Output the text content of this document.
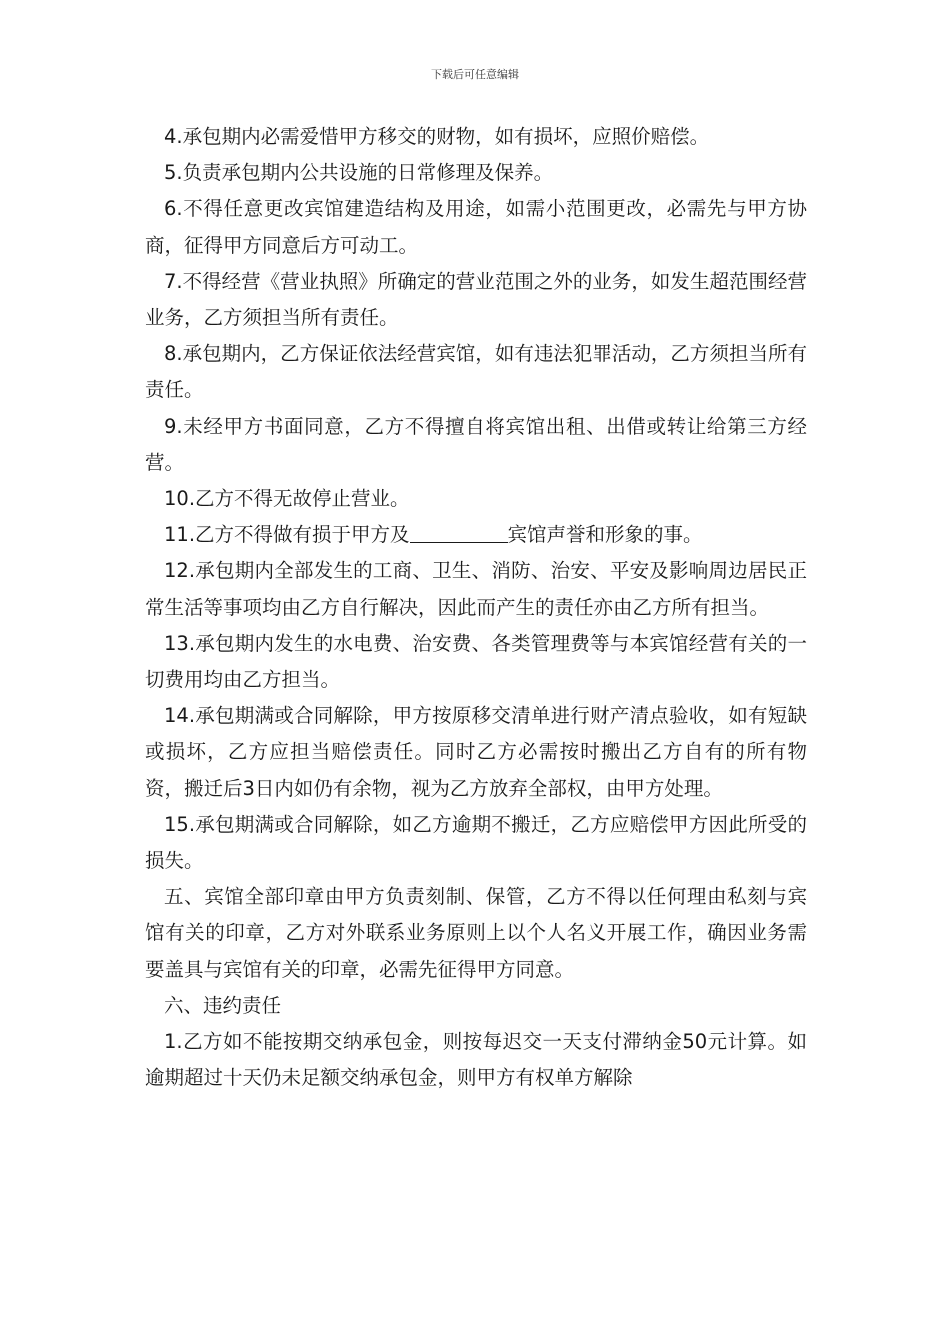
下载后可任意编辑

4.承包期内必需爱惜甲方移交的财物，如有损坏，应照价赔偿。

5.负责承包期内公共设施的日常修理及保养。

6.不得任意更改宾馆建造结构及用途，如需小范围更改，必需先与甲方协商，征得甲方同意后方可动工。

7.不得经营《营业执照》所确定的营业范围之外的业务，如发生超范围经营业务，乙方须担当所有责任。

8.承包期内，乙方保证依法经营宾馆，如有违法犯罪活动，乙方须担当所有责任。

9.未经甲方书面同意，乙方不得擅自将宾馆出租、出借或转让给第三方经营。

10.乙方不得无故停止营业。

11.乙方不得做有损于甲方及	宾馆声誉和形象的事。

12.承包期内全部发生的工商、卫生、消防、治安、平安及影响周边居民正常生活等事项均由乙方自行解决，因此而产生的责任亦由乙方所有担当。

13.承包期内发生的水电费、治安费、各类管理费等与本宾馆经营有关的一切费用均由乙方担当。

14.承包期满或合同解除，甲方按原移交清单进行财产清点验收，如有短缺或损坏，乙方应担当赔偿责任。同时乙方必需按时搬出乙方自有的所有物资，搬迁后3日内如仍有余物，视为乙方放弃全部权，由甲方处理。

15.承包期满或合同解除，如乙方逾期不搬迁，乙方应赔偿甲方因此所受的损失。

五、宾馆全部印章由甲方负责刻制、保管，乙方不得以任何理由私刻与宾馆有关的印章，乙方对外联系业务原则上以个人名义开展工作，确因业务需要盖具与宾馆有关的印章，必需先征得甲方同意。

六、违约责任

1.乙方如不能按期交纳承包金，则按每迟交一天支付滞纳金50元计算。如逾期超过十天仍未足额交纳承包金，则甲方有权单方解除
